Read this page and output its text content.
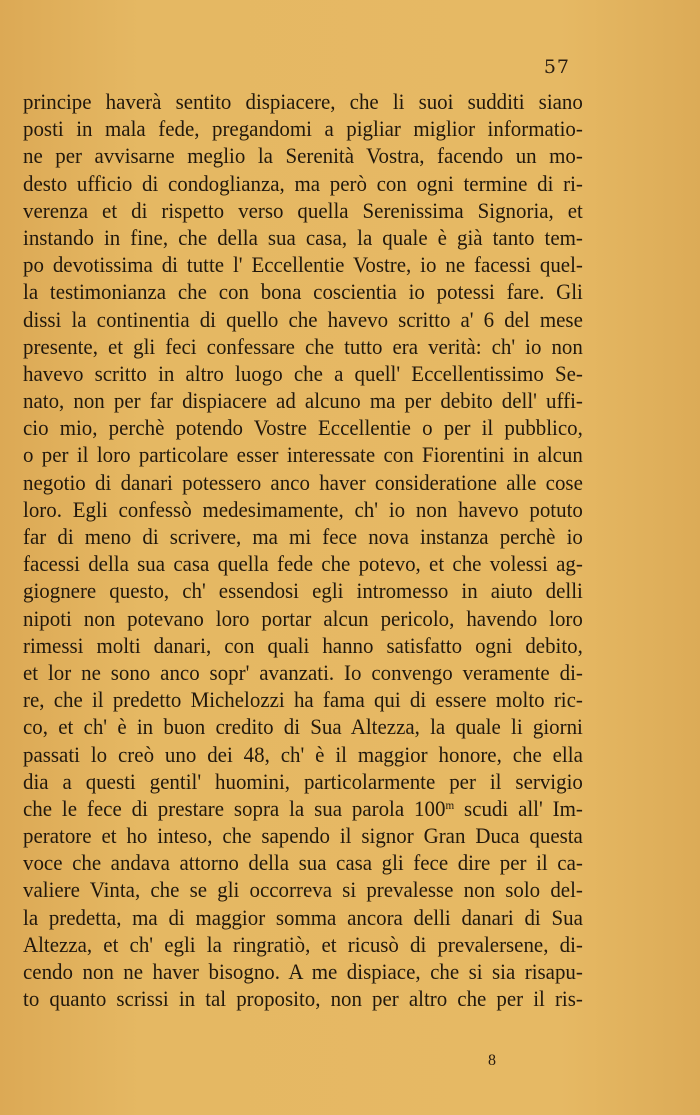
57
principe haverà sentito dispiacere, che li suoi sudditi siano
posti in mala fede, pregandomi a pigliar miglior informatio-
ne per avvisarne meglio la Serenità Vostra, facendo un mo-
desto ufficio di condoglianza, ma però con ogni termine di ri-
verenza et di rispetto verso quella Serenissima Signoria, et
instando in fine, che della sua casa, la quale è già tanto tem-
po devotissima di tutte l' Eccellentie Vostre, io ne facessi quel-
la testimonianza che con bona coscientia io potessi fare. Gli
dissi la continentia di quello che havevo scritto a' 6 del mese
presente, et gli feci confessare che tutto era verità: ch' io non
havevo scritto in altro luogo che a quell' Eccellentissimo Se-
nato, non per far dispiacere ad alcuno ma per debito dell' uffi-
cio mio, perchè potendo Vostre Eccellentie o per il pubblico,
o per il loro particolare esser interessate con Fiorentini in alcun
negotio di danari potessero anco haver consideratione alle cose
loro. Egli confessò medesimamente, ch' io non havevo potuto
far di meno di scrivere, ma mi fece nova instanza perchè io
facessi della sua casa quella fede che potevo, et che volessi ag-
giognere questo, ch' essendosi egli intromesso in aiuto delli
nipoti non potevano loro portar alcun pericolo, havendo loro
rimessi molti danari, con quali hanno satisfatto ogni debito,
et lor ne sono anco sopr' avanzati. Io convengo veramente di-
re, che il predetto Michelozzi ha fama qui di essere molto ric-
co, et ch' è in buon credito di Sua Altezza, la quale li giorni
passati lo creò uno dei 48, ch' è il maggior honore, che ella
dia a questi gentil' huomini, particolarmente per il servigio
che le fece di prestare sopra la sua parola 100$^m$ scudi all' Im-
peratore et ho inteso, che sapendo il signor Gran Duca questa
voce che andava attorno della sua casa gli fece dire per il ca-
valiere Vinta, che se gli occorreva si prevalesse non solo del-
la predetta, ma di maggior somma ancora delli danari di Sua
Altezza, et ch' egli la ringratiò, et ricusò di prevalersene, di-
cendo non ne haver bisogno. A me dispiace, che si sia risapu-
to quanto scrissi in tal proposito, non per altro che per il ris-
8
